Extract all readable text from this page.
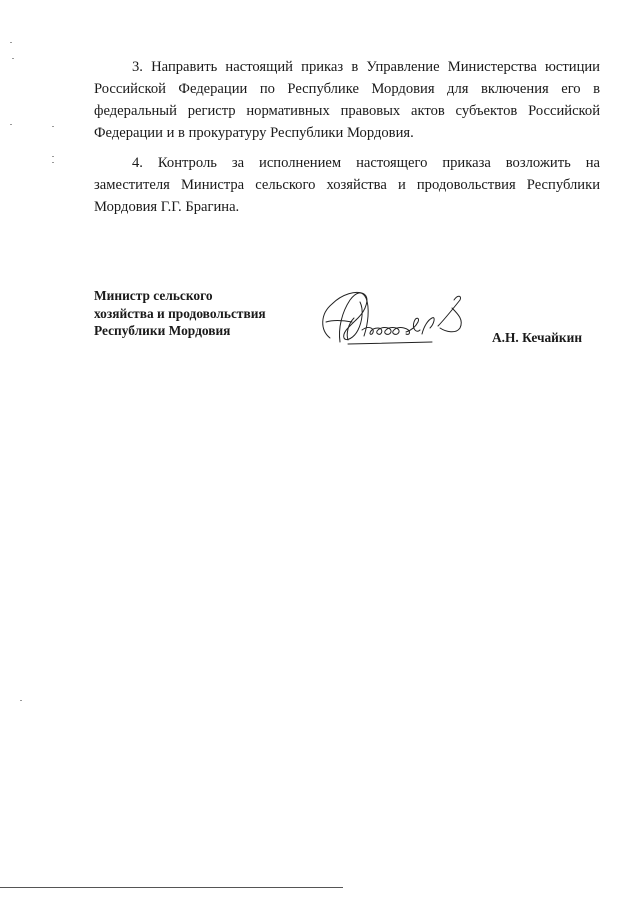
3. Направить настоящий приказ в Управление Министерства юстиции Российской Федерации по Республике Мордовия для включения его в федеральный регистр нормативных правовых актов субъектов Российской Федерации и в прокуратуру Республики Мордовия.

4. Контроль за исполнением настоящего приказа возложить на заместителя Министра сельского хозяйства и продовольствия Республики Мордовия Г.Г. Брагина.

Министр сельского
хозяйства и продовольствия
Республики Мордовия	А.Н. Кечайкин
